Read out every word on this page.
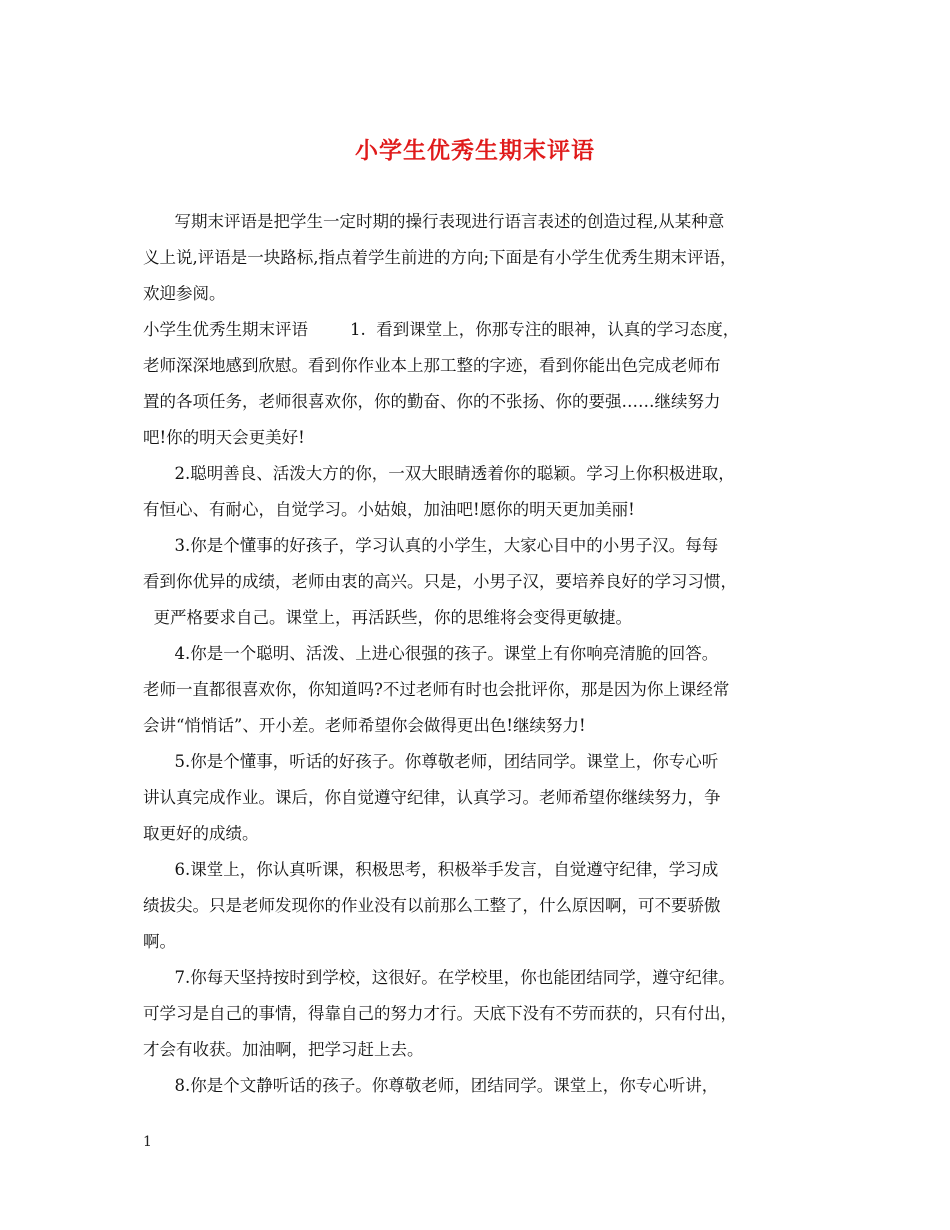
小学生优秀生期末评语
写期末评语是把学生一定时期的操行表现进行语言表述的创造过程,从某种意
义上说,评语是一块路标,指点着学生前进的方向;下面是有小学生优秀生期末评语，
欢迎参阅。
小学生优秀生期末评语        1.  看到课堂上，你那专注的眼神，认真的学习态度，
老师深深地感到欣慰。看到你作业本上那工整的字迹，看到你能出色完成老师布
置的各项任务，老师很喜欢你，你的勤奋、你的不张扬、你的要强……继续努力
吧!你的明天会更美好!
2.聪明善良、活泼大方的你，一双大眼睛透着你的聪颖。学习上你积极进取，
有恒心、有耐心，自觉学习。小姑娘，加油吧!愿你的明天更加美丽!
3.你是个懂事的好孩子，学习认真的小学生，大家心目中的小男子汉。每每
看到你优异的成绩，老师由衷的高兴。只是，小男子汉，要培养良好的学习习惯，
更严格要求自己。课堂上，再活跃些，你的思维将会变得更敏捷。
4.你是一个聪明、活泼、上进心很强的孩子。课堂上有你响亮清脆的回答。
老师一直都很喜欢你，你知道吗?不过老师有时也会批评你，那是因为你上课经常
会讲“悄悄话”、开小差。老师希望你会做得更出色!继续努力!
5.你是个懂事，听话的好孩子。你尊敬老师，团结同学。课堂上，你专心听
讲认真完成作业。课后，你自觉遵守纪律，认真学习。老师希望你继续努力，争
取更好的成绩。
6.课堂上，你认真听课，积极思考，积极举手发言，自觉遵守纪律，学习成
绩拔尖。只是老师发现你的作业没有以前那么工整了，什么原因啊，可不要骄傲
啊。
7.你每天坚持按时到学校，这很好。在学校里，你也能团结同学，遵守纪律。
可学习是自己的事情，得靠自己的努力才行。天底下没有不劳而获的，只有付出，
才会有收获。加油啊，把学习赶上去。
8.你是个文静听话的孩子。你尊敬老师，团结同学。课堂上，你专心听讲，
1
